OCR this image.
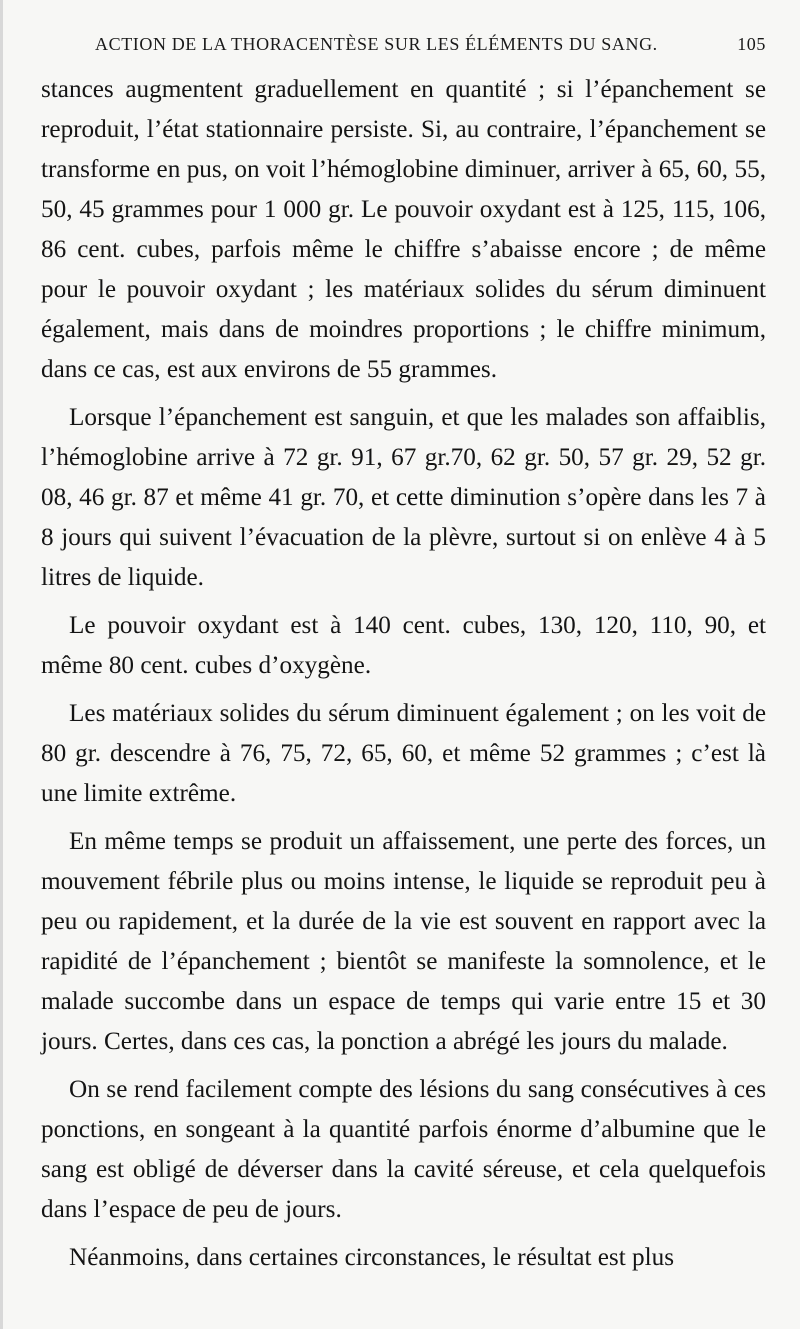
ACTION DE LA THORACENTÈSE SUR LES ÉLÉMENTS DU SANG.	105

stances augmentent graduellement en quantité ; si l’épanchement se reproduit, l’état stationnaire persiste. Si, au contraire, l’épanchement se transforme en pus, on voit l’hémoglobine diminuer, arriver à 65, 60, 55, 50, 45 grammes pour 1 000 gr. Le pouvoir oxydant est à 125, 115, 106, 86 cent. cubes, parfois même le chiffre s’abaisse encore ; de même pour le pouvoir oxydant ; les matériaux solides du sérum diminuent également, mais dans de moindres proportions ; le chiffre minimum, dans ce cas, est aux environs de 55 grammes.

Lorsque l’épanchement est sanguin, et que les malades son affaiblis, l’hémoglobine arrive à 72 gr. 91, 67 gr.70, 62 gr. 50, 57 gr. 29, 52 gr. 08, 46 gr. 87 et même 41 gr. 70, et cette diminution s’opère dans les 7 à 8 jours qui suivent l’évacuation de la plèvre, surtout si on enlève 4 à 5 litres de liquide.

Le pouvoir oxydant est à 140 cent. cubes, 130, 120, 110, 90, et même 80 cent. cubes d’oxygène.

Les matériaux solides du sérum diminuent également ; on les voit de 80 gr. descendre à 76, 75, 72, 65, 60, et même 52 grammes ; c’est là une limite extrême.

En même temps se produit un affaissement, une perte des forces, un mouvement fébrile plus ou moins intense, le liquide se reproduit peu à peu ou rapidement, et la durée de la vie est souvent en rapport avec la rapidité de l’épanchement ; bientôt se manifeste la somnolence, et le malade succombe dans un espace de temps qui varie entre 15 et 30 jours. Certes, dans ces cas, la ponction a abrégé les jours du malade.

On se rend facilement compte des lésions du sang consécutives à ces ponctions, en songeant à la quantité parfois énorme d’albumine que le sang est obligé de déverser dans la cavité séreuse, et cela quelquefois dans l’espace de peu de jours.

Néanmoins, dans certaines circonstances, le résultat est plus
